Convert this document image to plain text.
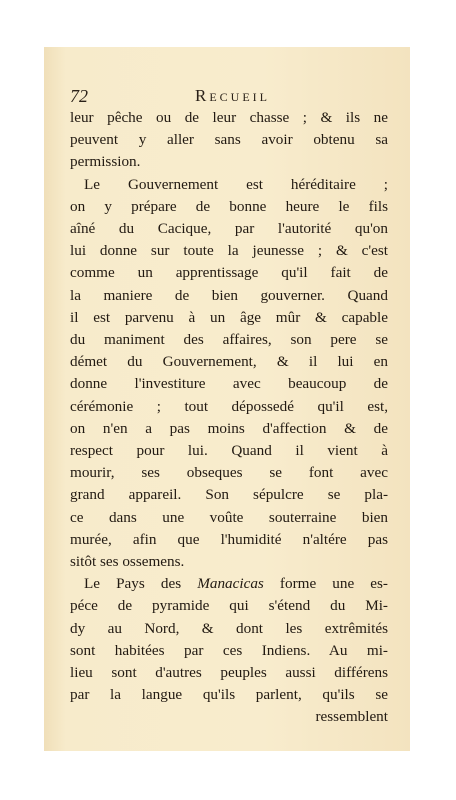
72	Recueil
leur pêche ou de leur chasse ; & ils ne
peuvent y aller sans avoir obtenu sa
permission.
Le Gouvernement est héréditaire ;
on y prépare de bonne heure le fils
aîné du Cacique, par l'autorité qu'on
lui donne sur toute la jeunesse ; & c'est
comme un apprentissage qu'il fait de
la maniere de bien gouverner. Quand
il est parvenu à un âge mûr & capable
du maniment des affaires, son pere se
démet du Gouvernement, & il lui en
donne l'investiture avec beaucoup de
cérémonie ; tout dépossedé qu'il est,
on n'en a pas moins d'affection & de
respect pour lui. Quand il vient à
mourir, ses obseques se font avec
grand appareil. Son sépulcre se pla-
ce dans une voûte souterraine bien
murée, afin que l'humidité n'altére pas
sitôt ses ossemens.
Le Pays des Manacicas forme une es-
péce de pyramide qui s'étend du Mi-
dy au Nord, & dont les extrêmités
sont habitées par ces Indiens. Au mi-
lieu sont d'autres peuples aussi différens
par la langue qu'ils parlent, qu'ils se
ressemblent
